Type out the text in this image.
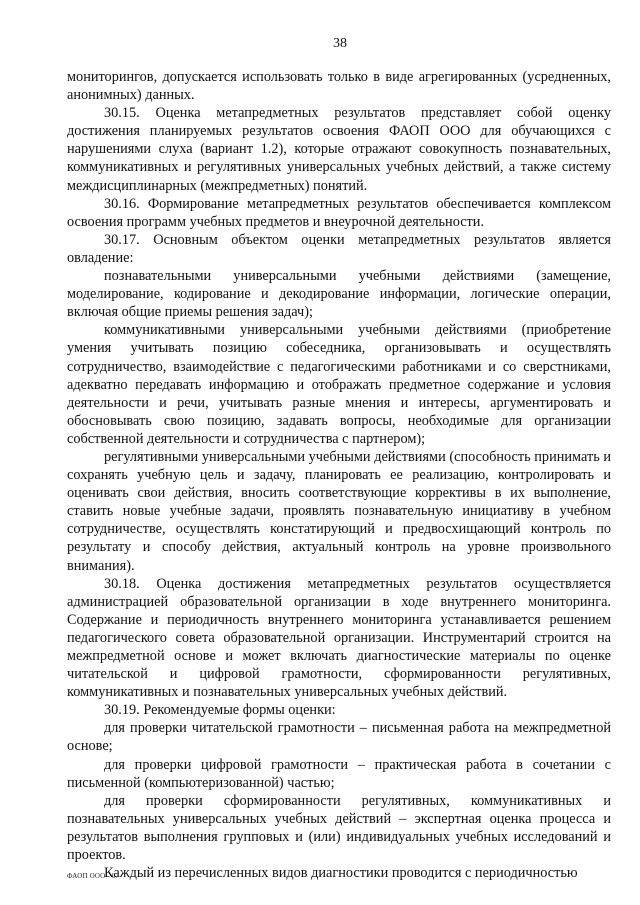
38

мониторингов, допускается использовать только в виде агрегированных (усредненных, анонимных) данных.

30.15. Оценка метапредметных результатов представляет собой оценку достижения планируемых результатов освоения ФАОП ООО для обучающихся с нарушениями слуха (вариант 1.2), которые отражают совокупность познавательных, коммуникативных и регулятивных универсальных учебных действий, а также систему междисциплинарных (межпредметных) понятий.

30.16. Формирование метапредметных результатов обеспечивается комплексом освоения программ учебных предметов и внеурочной деятельности.

30.17. Основным объектом оценки метапредметных результатов является овладение:

познавательными универсальными учебными действиями (замещение, моделирование, кодирование и декодирование информации, логические операции, включая общие приемы решения задач);

коммуникативными универсальными учебными действиями (приобретение умения учитывать позицию собеседника, организовывать и осуществлять сотрудничество, взаимодействие с педагогическими работниками и со сверстниками, адекватно передавать информацию и отображать предметное содержание и условия деятельности и речи, учитывать разные мнения и интересы, аргументировать и обосновывать свою позицию, задавать вопросы, необходимые для организации собственной деятельности и сотрудничества с партнером);

регулятивными универсальными учебными действиями (способность принимать и сохранять учебную цель и задачу, планировать ее реализацию, контролировать и оценивать свои действия, вносить соответствующие коррективы в их выполнение, ставить новые учебные задачи, проявлять познавательную инициативу в учебном сотрудничестве, осуществлять констатирующий и предвосхищающий контроль по результату и способу действия, актуальный контроль на уровне произвольного внимания).

30.18. Оценка достижения метапредметных результатов осуществляется администрацией образовательной организации в ходе внутреннего мониторинга. Содержание и периодичность внутреннего мониторинга устанавливается решением педагогического совета образовательной организации. Инструментарий строится на межпредметной основе и может включать диагностические материалы по оценке читательской и цифровой грамотности, сформированности регулятивных, коммуникативных и познавательных универсальных учебных действий.

30.19. Рекомендуемые формы оценки:

для проверки читательской грамотности – письменная работа на межпредметной основе;

для проверки цифровой грамотности – практическая работа в сочетании с письменной (компьютеризованной) частью;

для проверки сформированности регулятивных, коммуникативных и познавательных универсальных учебных действий – экспертная оценка процесса и результатов выполнения групповых и (или) индивидуальных учебных исследований и проектов.

Каждый из перечисленных видов диагностики проводится с периодичностью

ФАОП ООО - 07
